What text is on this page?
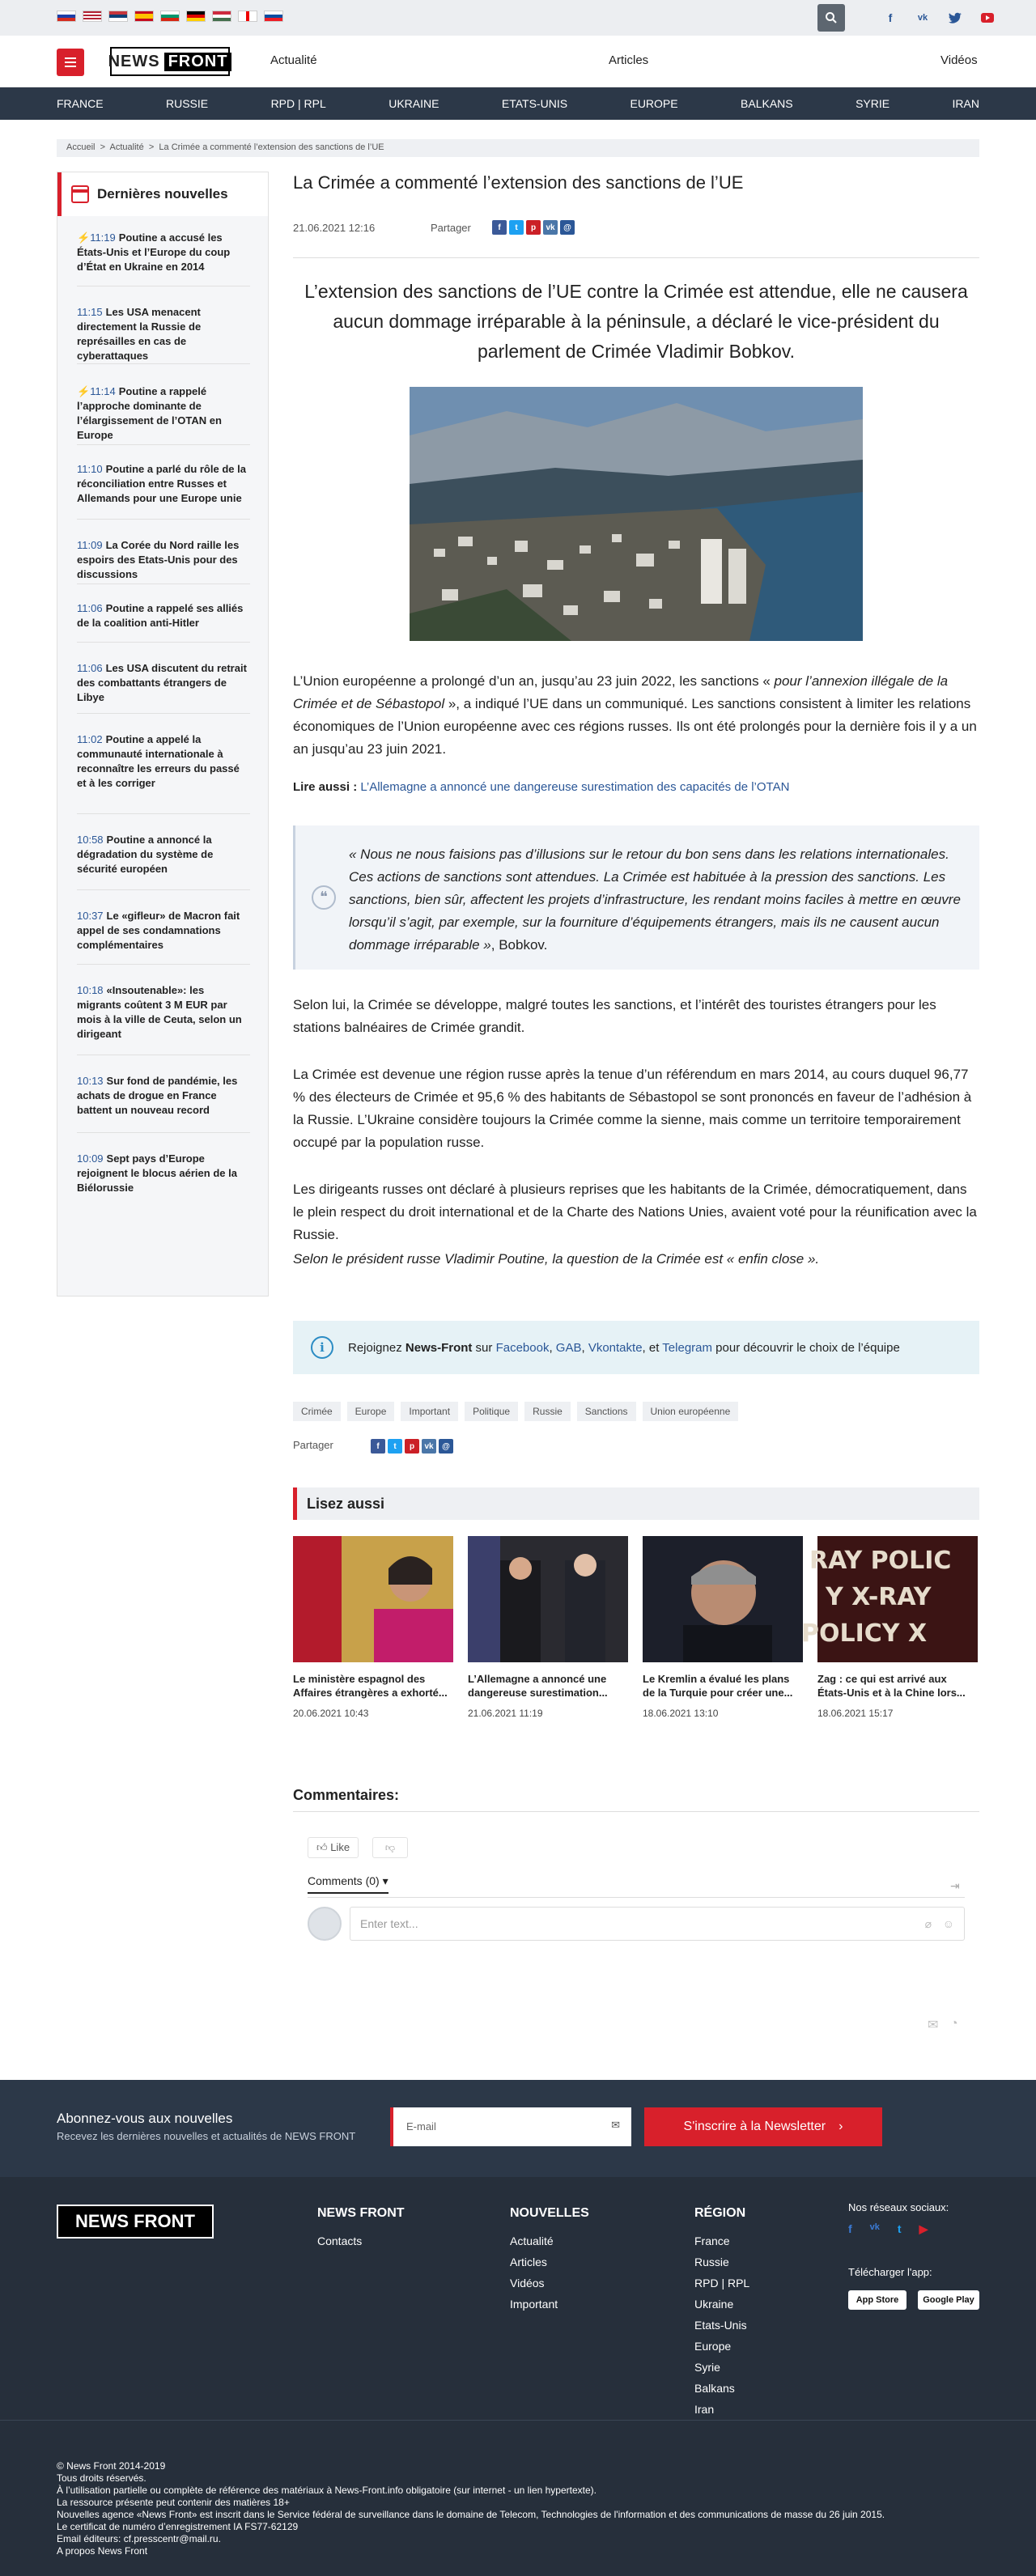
f	vk
NEWS FRONT	Actualité	Articles	Vidéos
FRANCE	RUSSIE	RPD | RPL	UKRAINE	ETATS-UNIS	EUROPE	BALKANS	SYRIE	IRAN
Accueil  >  Actualité  >  La Crimée a commenté l’extension des sanctions de l’UE
Dernières nouvelles
⚡11:19 Poutine a accusé les États-Unis et l’Europe du coup d’État en Ukraine en 2014
11:15 Les USA menacent directement la Russie de représailles en cas de cyberattaques
⚡11:14 Poutine a rappelé l’approche dominante de l’élargissement de l’OTAN en Europe
11:10 Poutine a parlé du rôle de la réconciliation entre Russes et Allemands pour une Europe unie
11:09 La Corée du Nord raille les espoirs des Etats-Unis pour des discussions
11:06 Poutine a rappelé ses alliés de la coalition anti-Hitler
11:06 Les USA discutent du retrait des combattants étrangers de Libye
11:02 Poutine a appelé la communauté internationale à reconnaître les erreurs du passé et à les corriger
10:58 Poutine a annoncé la dégradation du système de sécurité européen
10:37 Le «gifleur» de Macron fait appel de ses condamnations complémentaires
10:18 «Insoutenable»: les migrants coûtent 3 M EUR par mois à la ville de Ceuta, selon un dirigeant
10:13 Sur fond de pandémie, les achats de drogue en France battent un nouveau record
10:09 Sept pays d’Europe rejoignent le blocus aérien de la Biélorussie
La Crimée a commenté l’extension des sanctions de l’UE
21.06.2021 12:16	Partager	f	t	p	vk	@
L’extension des sanctions de l’UE contre la Crimée est attendue, elle ne causera aucun dommage irréparable à la péninsule, a déclaré le vice-président du parlement de Crimée Vladimir Bobkov.
L’Union européenne a prolongé d’un an, jusqu’au 23 juin 2022, les sanctions « pour l’annexion illégale de la Crimée et de Sébastopol », a indiqué l’UE dans un communiqué. Les sanctions consistent à limiter les relations économiques de l’Union européenne avec ces régions russes. Ils ont été prolongés pour la dernière fois il y a un an jusqu’au 23 juin 2021.
Lire aussi : L’Allemagne a annoncé une dangereuse surestimation des capacités de l’OTAN
❝
« Nous ne nous faisions pas d’illusions sur le retour du bon sens dans les relations internationales. Ces actions de sanctions sont attendues. La Crimée est habituée à la pression des sanctions. Les sanctions, bien sûr, affectent les projets d’infrastructure, les rendant moins faciles à mettre en œuvre lorsqu’il s’agit, par exemple, sur la fourniture d’équipements étrangers, mais ils ne causent aucun dommage irréparable », Bobkov.
Selon lui, la Crimée se développe, malgré toutes les sanctions, et l’intérêt des touristes étrangers pour les stations balnéaires de Crimée grandit.
La Crimée est devenue une région russe après la tenue d’un référendum en mars 2014, au cours duquel 96,77 % des électeurs de Crimée et 95,6 % des habitants de Sébastopol se sont prononcés en faveur de l’adhésion à la Russie. L’Ukraine considère toujours la Crimée comme la sienne, mais comme un territoire temporairement occupé par la population russe.
Les dirigeants russes ont déclaré à plusieurs reprises que les habitants de la Crimée, démocratiquement, dans le plein respect du droit international et de la Charte des Nations Unies, avaient voté pour la réunification avec la Russie.
Selon le président russe Vladimir Poutine, la question de la Crimée est « enfin close ».
i	Rejoignez News-Front sur Facebook, GAB, Vkontakte, et Telegram pour découvrir le choix de l’équipe
Crimée	Europe	Important	Politique	Russie	Sanctions	Union européenne
Partager	f	t	p	vk	@
Lisez aussi
Le ministère espagnol des Affaires étrangères a exhorté...
20.06.2021 10:43
L’Allemagne a annoncé une dangereuse surestimation...
21.06.2021 11:19
Le Kremlin a évalué les plans de la Turquie pour créer une...
18.06.2021 13:10
RAY POLIC
Y X-RAY
POLICY X
Zag : ce qui est arrivé aux États-Unis et à la Chine lors...
18.06.2021 15:17
Commentaires:
👍︎ Like	👎︎
Comments (0) ▾	⇥
Enter text...	⌀ ☺
✉ ◔
Abonnez-vous aux nouvelles
Recevez les dernières nouvelles et actualités de NEWS FRONT
E-mail	✉	S'inscrire à la Newsletter ›
NEWS
FRONT	NEWS FRONT
Contacts
NOUVELLES
Actualité
Articles
Vidéos
Important
RÉGION
France
Russie
RPD | RPL
Ukraine
Etats-Unis
Europe
Syrie
Balkans
Iran
Nos réseaux sociaux:
f vk t ▶
Télécharger l'app:
App Store	Google Play
© News Front 2014-2019
Tous droits réservés.
À l’utilisation partielle ou complète de référence des matériaux à News-Front.info obligatoire (sur internet - un lien hypertexte).
La ressource présente peut contenir des matières 18+
Nouvelles agence «News Front» est inscrit dans le Service fédéral de surveillance dans le domaine de Telecom, Technologies de l'information et des communications de masse du 26 juin 2015.
Le certificat de numéro d’enregistrement IA FS77-62129
Email éditeurs: cf.presscentr@mail.ru.
A propos News Front
